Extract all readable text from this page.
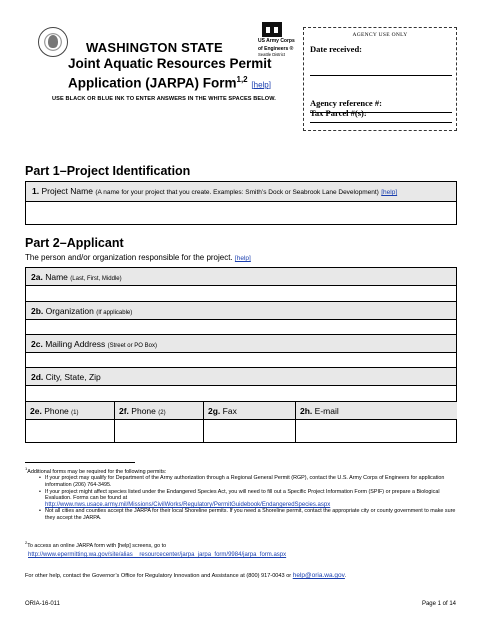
WASHINGTON STATE
Joint Aquatic Resources Permit
Application (JARPA) Form$^{1,2}$ [help]
USE BLACK OR BLUE INK TO ENTER ANSWERS IN THE WHITE SPACES BELOW.
US Army Corps
of Engineers ®
Seattle District
AGENCY USE ONLY
Date received:
Agency reference #:
Tax Parcel #(s):
Part 1–Project Identification
1. Project Name (A name for your project that you create. Examples: Smith’s Dock or Seabrook Lane Development) [help]
Part 2–Applicant
The person and/or organization responsible for the project. [help]
2a. Name (Last, First, Middle)
2b. Organization (If applicable)
2c. Mailing Address (Street or PO Box)
2d. City, State, Zip
2e. Phone (1)	2f. Phone (2)	2g. Fax	2h. E-mail
$^1$Additional forms may be required for the following permits:
• If your project may qualify for Department of the Army authorization through a Regional General Permit (RGP), contact the U.S. Army Corps of Engineers for application information (206) 764-3495.
• If your project might affect species listed under the Endangered Species Act, you will need to fill out a Specific Project Information Form (SPIF) or prepare a Biological Evaluation. Forms can be found at
http://www.nws.usace.army.mil/Missions/CivilWorks/Regulatory/PermitGuidebook/EndangeredSpecies.aspx
• Not all cities and counties accept the JARPA for their local Shoreline permits. If you need a Shoreline permit, contact the appropriate city or county government to make sure they accept the JARPA.
$^2$To access an online JARPA form with [help] screens, go to
http://www.epermitting.wa.gov/site/alias__resourcecenter/jarpa_jarpa_form/9984/jarpa_form.aspx
For other help, contact the Governor’s Office for Regulatory Innovation and Assistance at (800) 917-0043 or help@oria.wa.gov.
ORIA-16-011	Page 1 of 14
